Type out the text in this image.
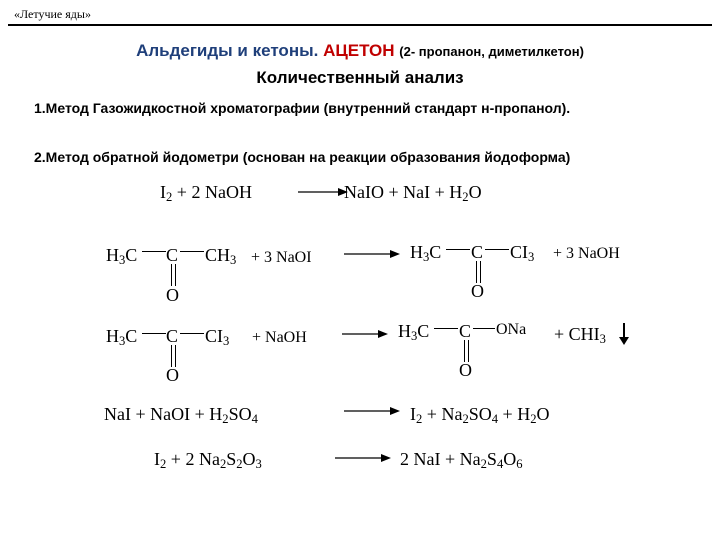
«Летучие яды»
Альдегиды и кетоны. АЦЕТОН (2- пропанон, диметилкетон)
Количественный анализ
1.Метод Газожидкостной хроматографии (внутренний стандарт н-пропанол).
2.Метод обратной йодометри (основан на реакции образования йодоформа)
$I_2 + 2$ NaOH	NaIO + NaI + $H_2O$
$H_3C$ C $CH_3$
O
+ 3 NaOI → $H_3C$ C $CI_3$
O
+ 3 NaOH
$H_3C$ C $CI_3$
O
+ NaOH → $H_3C$ C ONa
O
+ $CHI_3$
NaI + NaOI + $H_2SO_4 \to I_2 + Na_2SO_4 + H_2O$
$I_2 + 2$ $Na_2S_2O_3$	→ 2 NaI + $Na_2S_4O_6$
